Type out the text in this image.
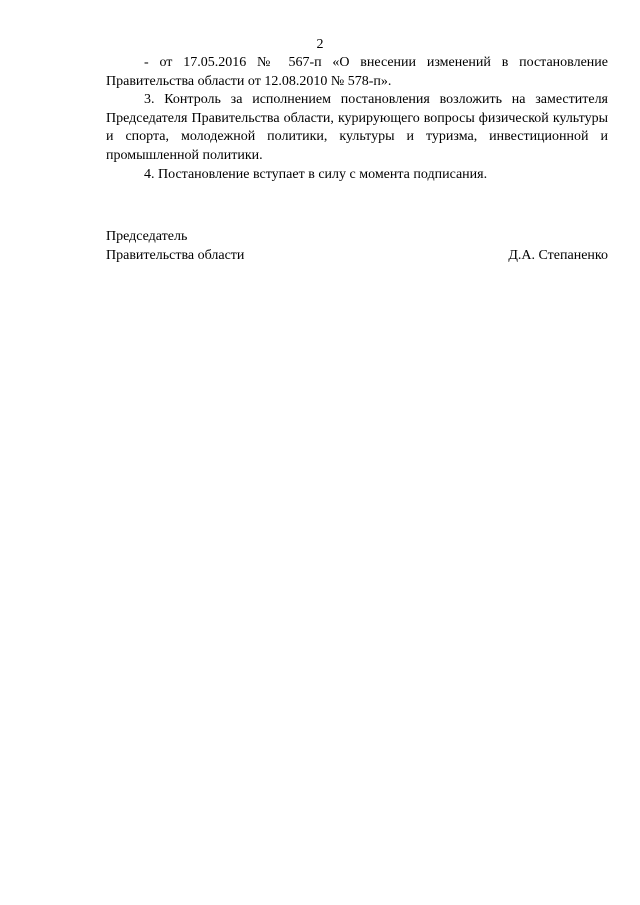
2

- от 17.05.2016 № 567-п «О внесении изменений в постановление Правительства области от 12.08.2010 № 578-п».

3. Контроль за исполнением постановления возложить на заместителя Председателя Правительства области, курирующего вопросы физической культуры и спорта, молодежной политики, культуры и туризма, инвестиционной и промышленной политики.

4. Постановление вступает в силу с момента подписания.

Председатель
Правительства области	Д.А. Степаненко
